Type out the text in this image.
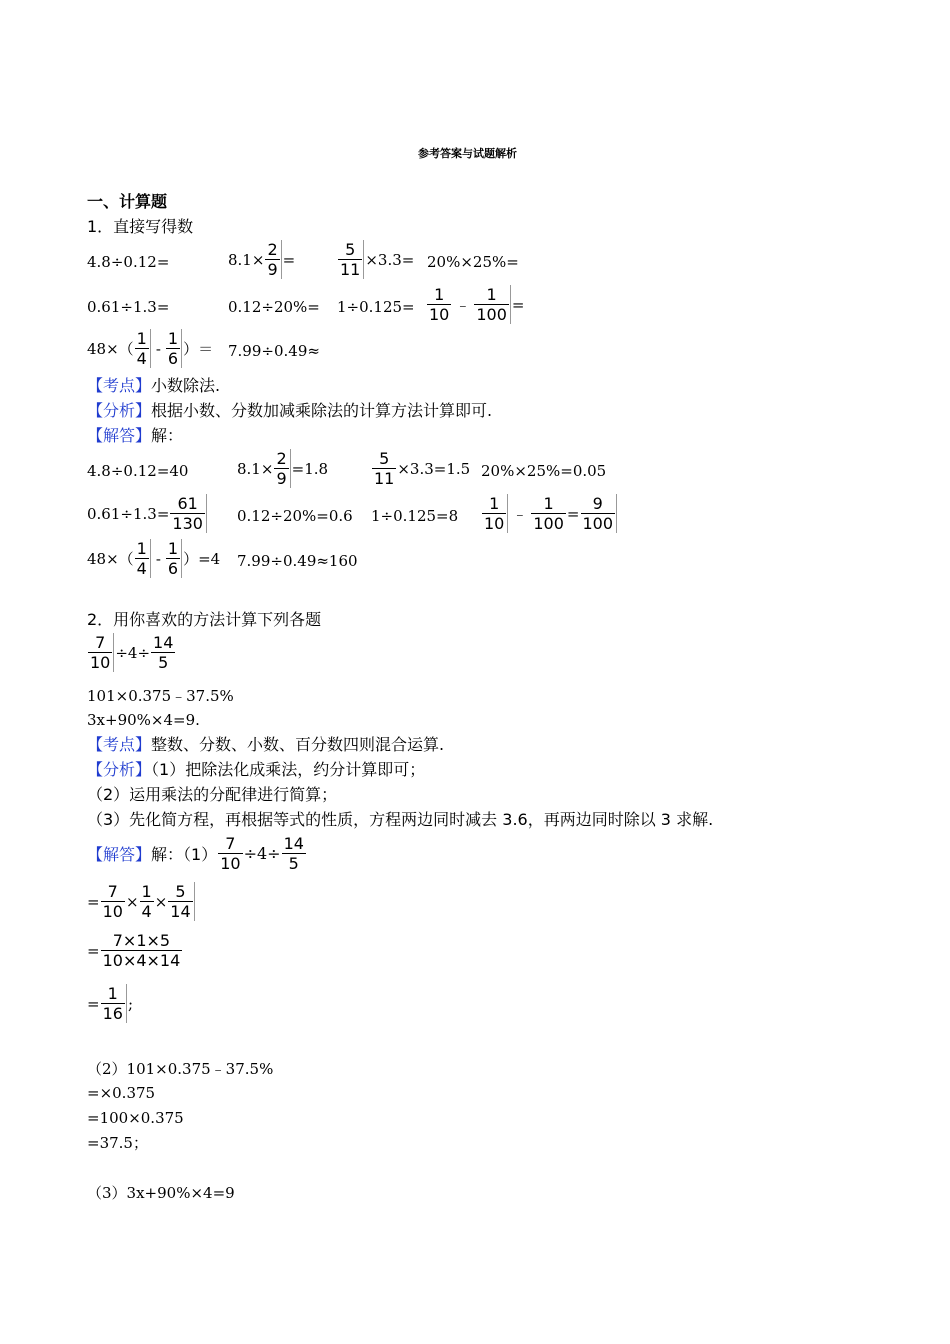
参考答案与试题解析
一、计算题
1．直接写得数
4.8÷0.12=	$8.1\times \frac{2}{9}$ =	$\frac{5}{11} \times 3.3= 20\%\times 25\%=$
0.61÷1.3=	$0.12\div 20\%= 1\div 0.125= \frac{1}{10}$ ﹣ $\frac{1}{100}$ =
$48\times( \frac{1}{4} - \frac{1}{6}$ ）＝ 7.99÷0.49≈
【考点】小数除法.
【分析】根据小数、分数加减乘除法的计算方法计算即可.
【解答】解：
4.8÷0.12=40	$8.1\times \frac{2}{9} =1.8$	$\frac{5}{11} \times 3.3=1.5$ 20%×25%=0.05
$0.61\div 1.3= \frac{61}{130} 0.12\div 20\%=0.6$ $1\div 0.125=8 \frac{1}{10}$ ﹣ $\frac{1}{100} = \frac{9}{100}$
$48\times( \frac{1}{4} - \frac{1}{6} )=4$ 7.99÷0.49≈160
2．用你喜欢的方法计算下列各题
$\frac{7}{10} \div 4\div \frac{14}{5}$
101×0.375﹣37.5%
3x+90%×4=9.
【考点】整数、分数、小数、百分数四则混合运算.
【分析】（1）把除法化成乘法，约分计算即可；
（2）运用乘法的分配律进行简算；
（3）先化简方程，再根据等式的性质，方程两边同时减去 3.6，再两边同时除以 3 求解.
【解答】 解：$(1) \frac{7}{10} \div 4\div \frac{14}{5}$
= $\frac{7}{10} \times \frac{1}{4} \times \frac{5}{14}$
= $\frac{7\times 1\times 5}{10\times 4\times 14}$
= $\frac{1}{16}$ ;
（2）101×0.375﹣37.5%
=×0.375
=100×0.375
=37.5；
（3）3x+90%×4=9
